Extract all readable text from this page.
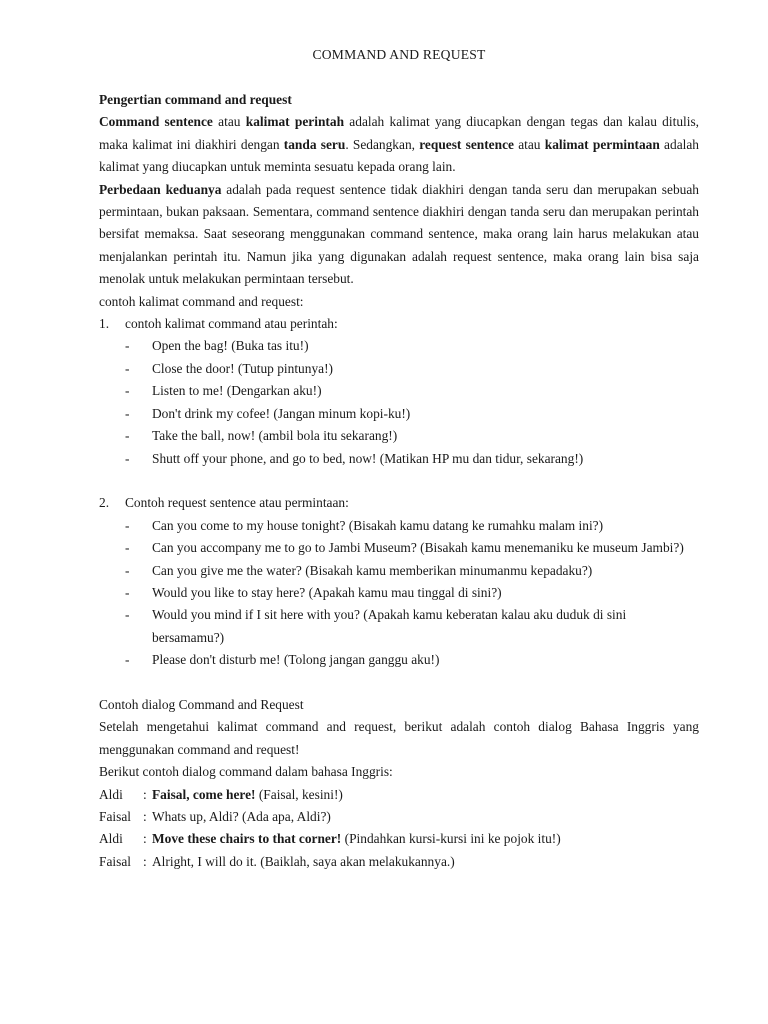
COMMAND AND REQUEST

Pengertian command and request

Command sentence atau kalimat perintah adalah kalimat yang diucapkan dengan tegas dan kalau ditulis, maka kalimat ini diakhiri dengan tanda seru. Sedangkan, request sentence atau kalimat permintaan adalah kalimat yang diucapkan untuk meminta sesuatu kepada orang lain.

Perbedaan keduanya adalah pada request sentence tidak diakhiri dengan tanda seru dan merupakan sebuah permintaan, bukan paksaan. Sementara, command sentence diakhiri dengan tanda seru dan merupakan perintah bersifat memaksa. Saat seseorang menggunakan command sentence, maka orang lain harus melakukan atau menjalankan perintah itu. Namun jika yang digunakan adalah request sentence, maka orang lain bisa saja menolak untuk melakukan permintaan tersebut.

contoh kalimat command and request:

1. contoh kalimat command atau perintah:
- Open the bag! (Buka tas itu!)
- Close the door! (Tutup pintunya!)
- Listen to me! (Dengarkan aku!)
- Don't drink my cofee! (Jangan minum kopi-ku!)
- Take the ball, now! (ambil bola itu sekarang!)
- Shutt off your phone, and go to bed, now! (Matikan HP mu dan tidur, sekarang!)
2. Contoh request sentence atau permintaan:
- Can you come to my house tonight? (Bisakah kamu datang ke rumahku malam ini?)
- Can you accompany me to go to Jambi Museum? (Bisakah kamu menemaniku ke museum Jambi?)
- Can you give me the water? (Bisakah kamu memberikan minumanmu kepadaku?)
- Would you like to stay here? (Apakah kamu mau tinggal di sini?)
- Would you mind if I sit here with you? (Apakah kamu keberatan kalau aku duduk di sini bersamamu?)
- Please don't disturb me! (Tolong jangan ganggu aku!)

Contoh dialog Command and Request

Setelah mengetahui kalimat command and request, berikut adalah contoh dialog Bahasa Inggris yang menggunakan command and request!

Berikut contoh dialog command dalam bahasa Inggris:

Aldi : Faisal, come here! (Faisal, kesini!)

Faisal : Whats up, Aldi? (Ada apa, Aldi?)

Aldi : Move these chairs to that corner! (Pindahkan kursi-kursi ini ke pojok itu!)

Faisal : Alright, I will do it. (Baiklah, saya akan melakukannya.)
